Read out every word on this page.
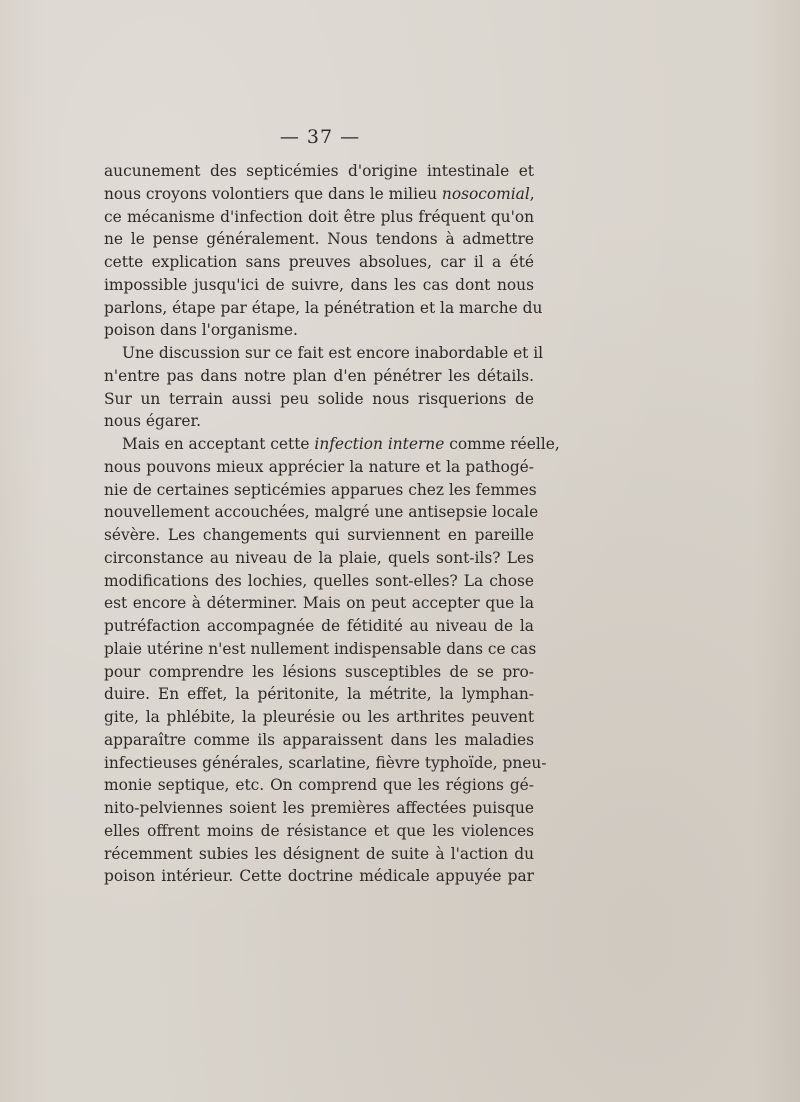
— 37 —
aucunement des septicémies d'origine intestinale et
nous croyons volontiers que dans le milieu nosocomial,
ce mécanisme d'infection doit être plus fréquent qu'on
ne le pense généralement. Nous tendons à admettre
cette explication sans preuves absolues, car il a été
impossible jusqu'ici de suivre, dans les cas dont nous
parlons, étape par étape, la pénétration et la marche du
poison dans l'organisme.
Une discussion sur ce fait est encore inabordable et il
n'entre pas dans notre plan d'en pénétrer les détails.
Sur un terrain aussi peu solide nous risquerions de
nous égarer.
Mais en acceptant cette infection interne comme réelle,
nous pouvons mieux apprécier la nature et la pathogé-
nie de certaines septicémies apparues chez les femmes
nouvellement accouchées, malgré une antisepsie locale
sévère. Les changements qui surviennent en pareille
circonstance au niveau de la plaie, quels sont-ils? Les
modifications des lochies, quelles sont-elles? La chose
est encore à déterminer. Mais on peut accepter que la
putréfaction accompagnée de fétidité au niveau de la
plaie utérine n'est nullement indispensable dans ce cas
pour comprendre les lésions susceptibles de se pro-
duire. En effet, la péritonite, la métrite, la lymphan-
gite, la phlébite, la pleurésie ou les arthrites peuvent
apparaître comme ils apparaissent dans les maladies
infectieuses générales, scarlatine, fièvre typhoïde, pneu-
monie septique, etc. On comprend que les régions gé-
nito-pelviennes soient les premières affectées puisque
elles offrent moins de résistance et que les violences
récemment subies les désignent de suite à l'action du
poison intérieur. Cette doctrine médicale appuyée par
